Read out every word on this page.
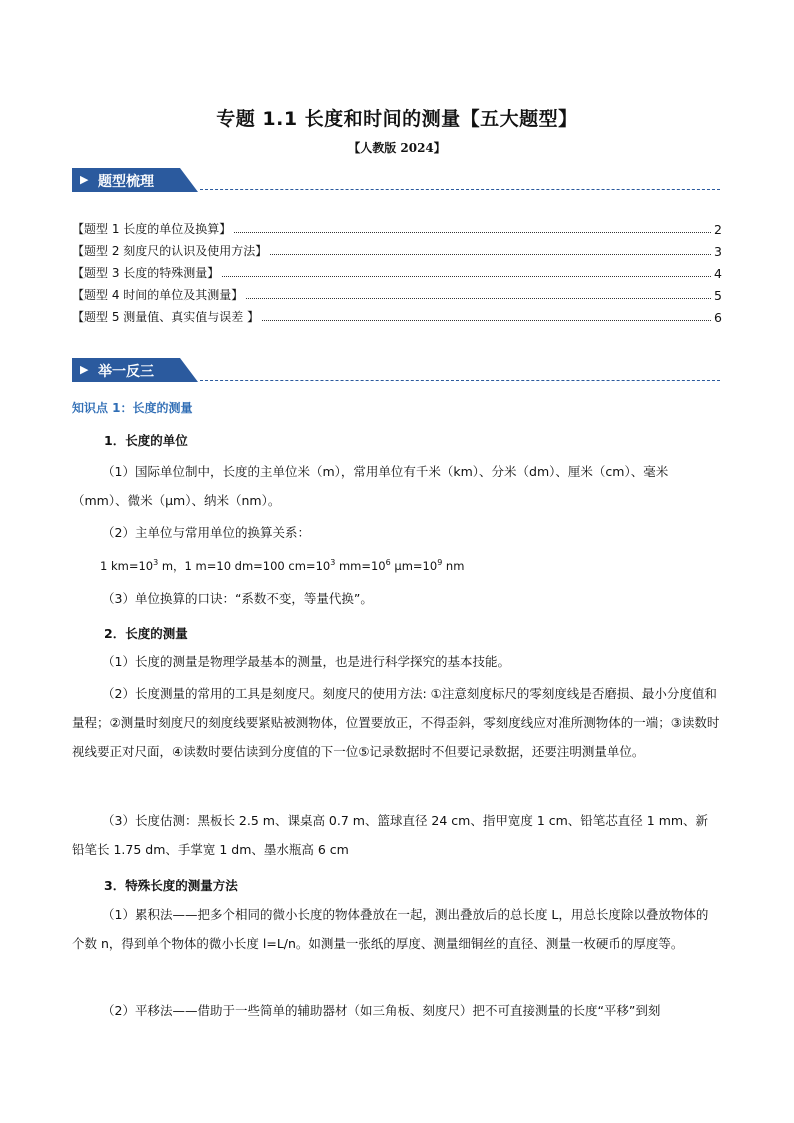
专题 1.1 长度和时间的测量【五大题型】
【人教版 2024】
▶ 题型梳理
【题型 1 长度的单位及换算】	2
【题型 2 刻度尺的认识及使用方法】	3
【题型 3 长度的特殊测量】	4
【题型 4 时间的单位及其测量】	5
【题型 5 测量值、真实值与误差 】	6
▶ 举一反三
知识点 1：长度的测量
1．长度的单位
（1）国际单位制中，长度的主单位米（m），常用单位有千米（km）、分米（dm）、厘米（cm）、毫米（mm）、微米（μm）、纳米（nm）。
（2）主单位与常用单位的换算关系：
1 $km=10^3$ m，1 m=10 dm=100 $cm=10^3$ $mm=10^6$ $\mu m=10^9$ nm
（3）单位换算的口诀：“系数不变，等量代换”。
2．长度的测量
（1）长度的测量是物理学最基本的测量，也是进行科学探究的基本技能。
（2）长度测量的常用的工具是刻度尺。刻度尺的使用方法: ①注意刻度标尺的零刻度线是否磨损、最小分度值和量程；②测量时刻度尺的刻度线要紧贴被测物体，位置要放正，不得歪斜，零刻度线应对准所测物体的一端；③读数时视线要正对尺面，④读数时要估读到分度值的下一位⑤记录数据时不但要记录数据，还要注明测量单位。
（3）长度估测：黑板长 2.5 m、课桌高 0.7 m、篮球直径 24 cm、指甲宽度 1 cm、铅笔芯直径 1 mm、新铅笔长 1.75 dm、手掌宽 1 dm、墨水瓶高 6 cm
3．特殊长度的测量方法
（1）累积法——把多个相同的微小长度的物体叠放在一起，测出叠放后的总长度 L，用总长度除以叠放物体的个数 n，得到单个物体的微小长度 l=L/n。如测量一张纸的厚度、测量细铜丝的直径、测量一枚硬币的厚度等。
（2）平移法——借助于一些简单的辅助器材（如三角板、刻度尺）把不可直接测量的长度“平移”到刻
